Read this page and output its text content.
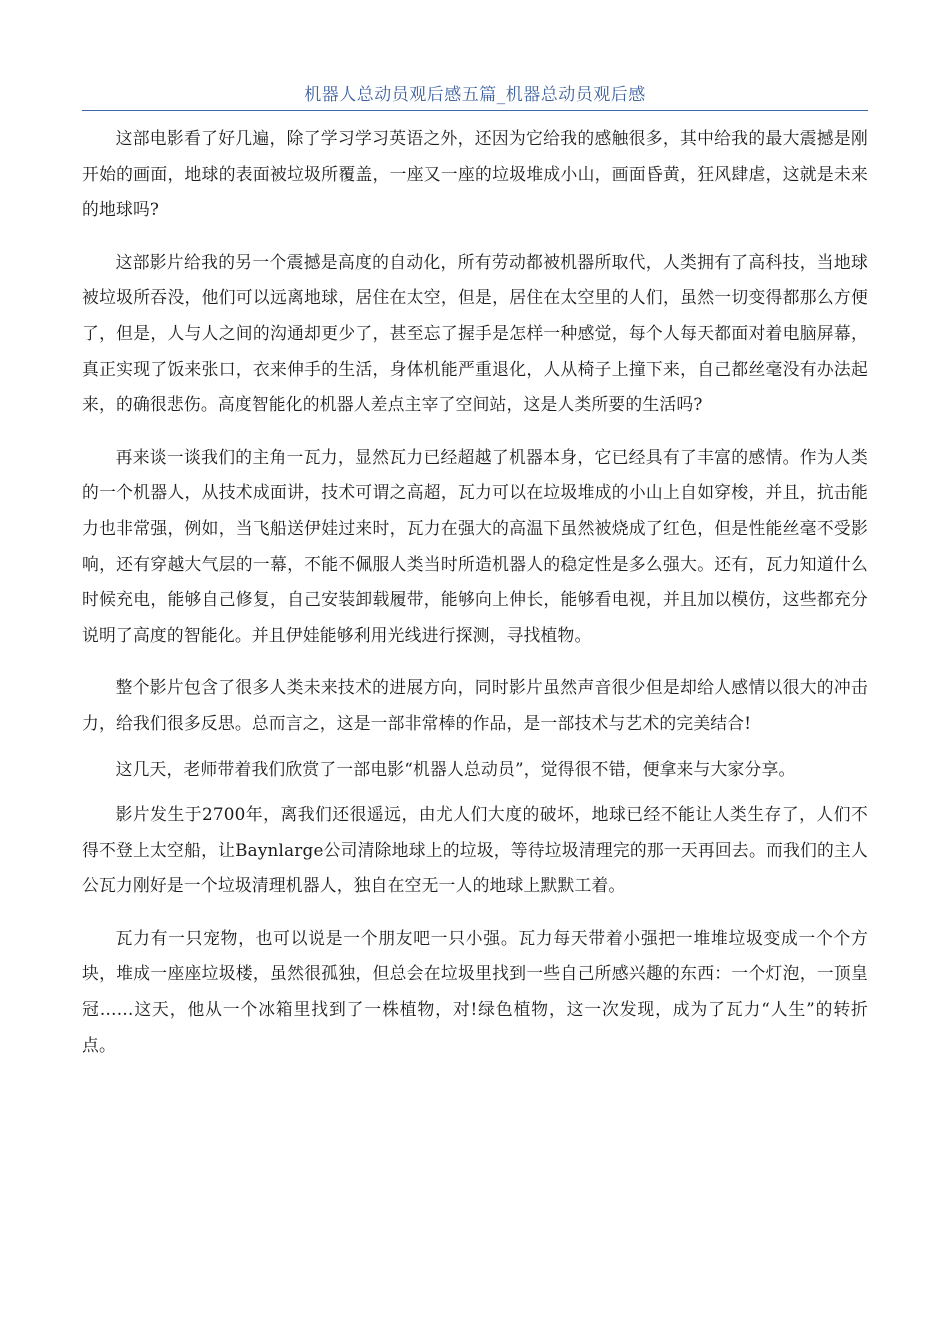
机器人总动员观后感五篇_机器总动员观后感

这部电影看了好几遍，除了学习学习英语之外，还因为它给我的感触很多，其中给我的最大震撼是刚开始的画面，地球的表面被垃圾所覆盖，一座又一座的垃圾堆成小山，画面昏黄，狂风肆虐，这就是未来的地球吗?

这部影片给我的另一个震撼是高度的自动化，所有劳动都被机器所取代，人类拥有了高科技，当地球被垃圾所吞没，他们可以远离地球，居住在太空，但是，居住在太空里的人们，虽然一切变得都那么方便了，但是，人与人之间的沟通却更少了，甚至忘了握手是怎样一种感觉，每个人每天都面对着电脑屏幕，真正实现了饭来张口，衣来伸手的生活，身体机能严重退化，人从椅子上撞下来，自己都丝毫没有办法起来，的确很悲伤。高度智能化的机器人差点主宰了空间站，这是人类所要的生活吗?

再来谈一谈我们的主角一瓦力，显然瓦力已经超越了机器本身，它已经具有了丰富的感情。作为人类的一个机器人，从技术成面讲，技术可谓之高超，瓦力可以在垃圾堆成的小山上自如穿梭，并且，抗击能力也非常强，例如，当飞船送伊娃过来时，瓦力在强大的高温下虽然被烧成了红色，但是性能丝毫不受影响，还有穿越大气层的一幕，不能不佩服人类当时所造机器人的稳定性是多么强大。还有，瓦力知道什么时候充电，能够自己修复，自己安装卸载履带，能够向上伸长，能够看电视，并且加以模仿，这些都充分说明了高度的智能化。并且伊娃能够利用光线进行探测，寻找植物。

整个影片包含了很多人类未来技术的进展方向，同时影片虽然声音很少但是却给人感情以很大的冲击力，给我们很多反思。总而言之，这是一部非常棒的作品，是一部技术与艺术的完美结合!

这几天，老师带着我们欣赏了一部电影“机器人总动员”，觉得很不错，便拿来与大家分享。

影片发生于2700年，离我们还很遥远，由尤人们大度的破坏，地球已经不能让人类生存了，人们不得不登上太空船，让Baynlarge公司清除地球上的垃圾，等待垃圾清理完的那一天再回去。而我们的主人公瓦力刚好是一个垃圾清理机器人，独自在空无一人的地球上默默工着。

瓦力有一只宠物，也可以说是一个朋友吧一只小强。瓦力每天带着小强把一堆堆垃圾变成一个个方块，堆成一座座垃圾楼，虽然很孤独，但总会在垃圾里找到一些自己所感兴趣的东西：一个灯泡，一顶皇冠……这天，他从一个冰箱里找到了一株植物，对!绿色植物，这一次发现，成为了瓦力“人生”的转折点。
